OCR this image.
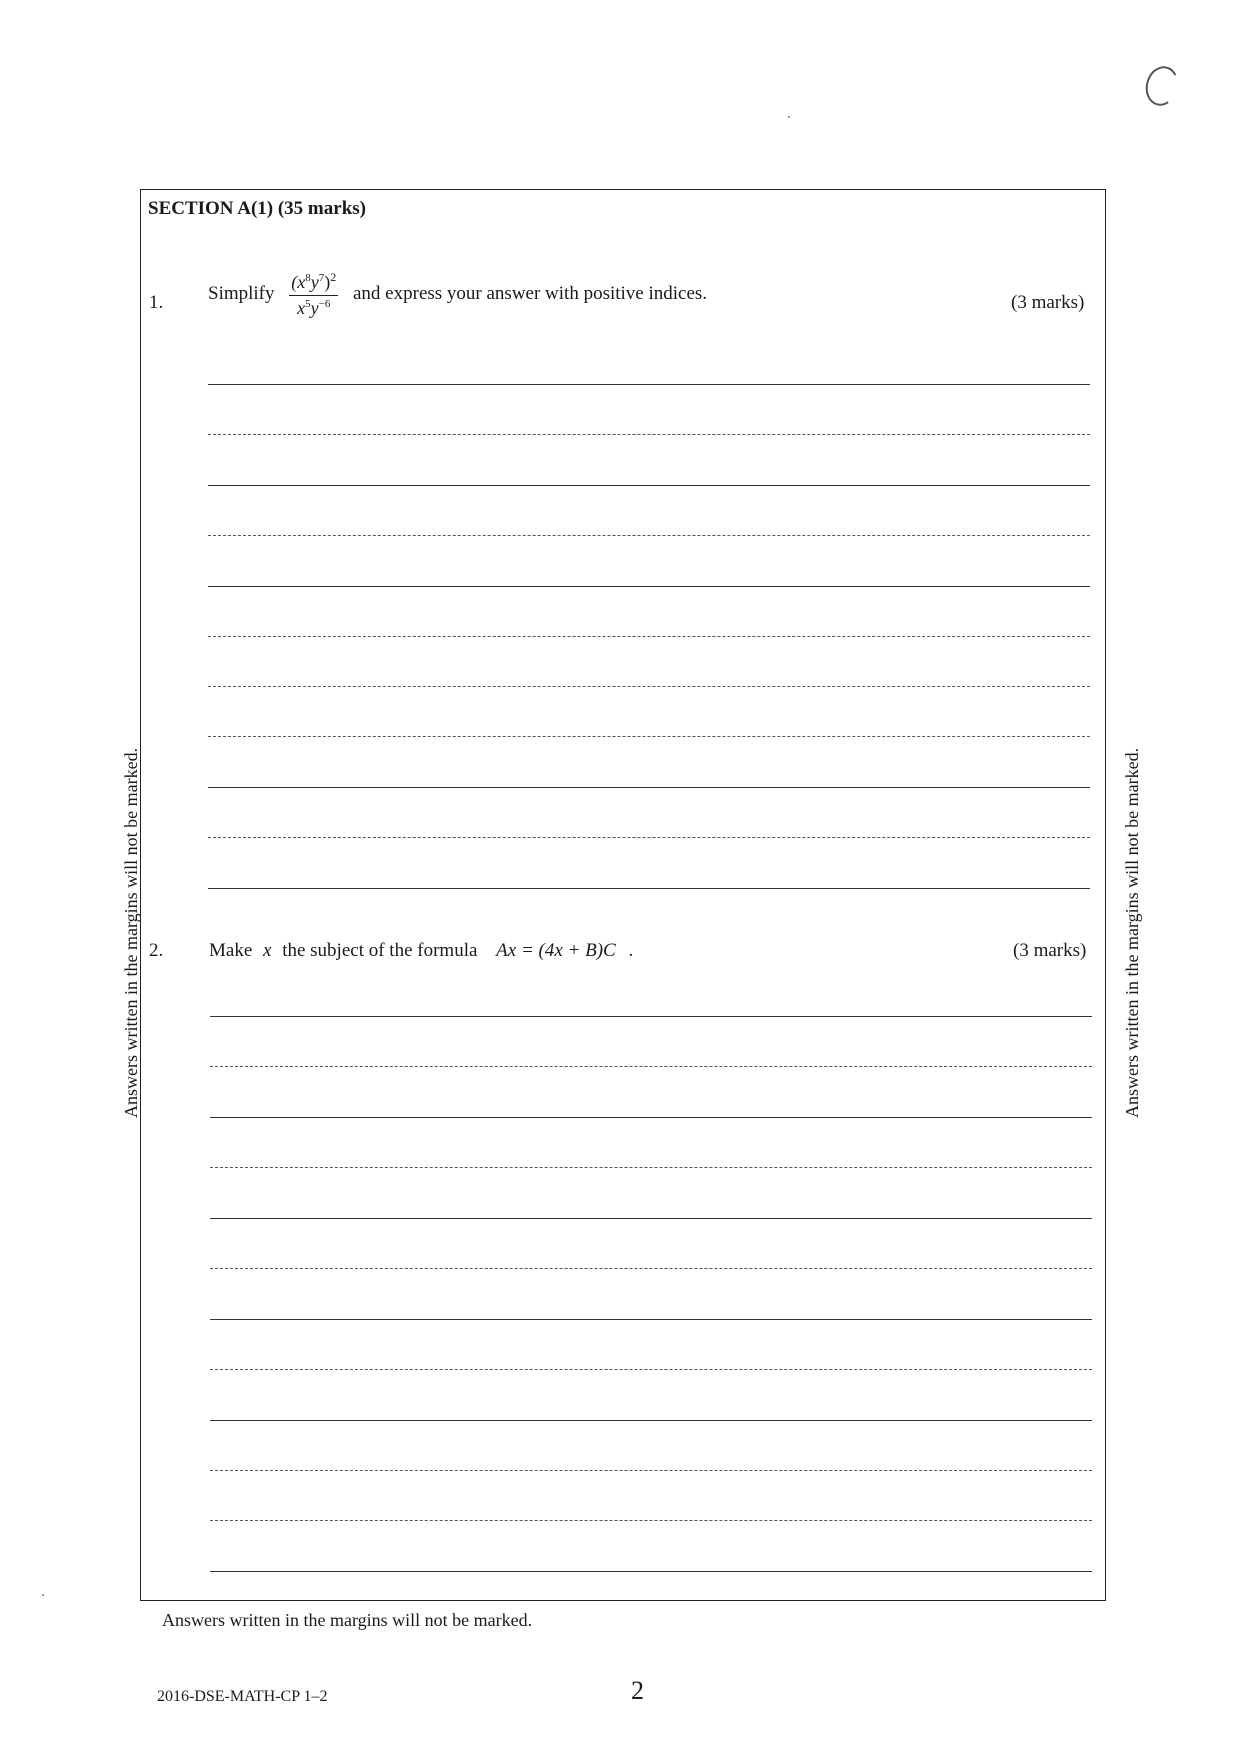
Answers written in the margins will not be marked.	Answers written in the margins will not be marked.
SECTION A(1) (35 marks)
1. Simplify $\frac{(x^8y^7)^2}{x^5y^{-6}}$ and express your answer with positive indices.	(3 marks)
2. Make x the subject of the formula Ax = (4x + B)C .	(3 marks)
Answers written in the margins will not be marked.
2016-DSE-MATH-CP 1–2	2
